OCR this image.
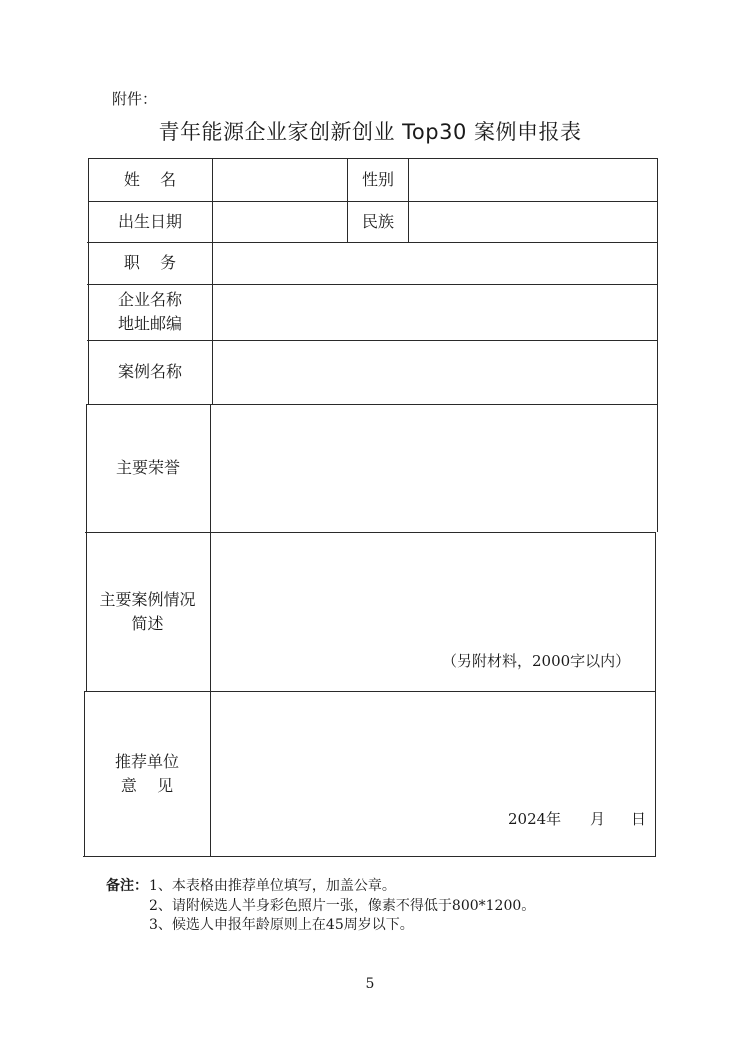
附件：
青年能源企业家创新创业 Top30 案例申报表
姓    名	性别
出生日期	民族
职    务
企业名称
地址邮编
案例名称
主要荣誉
主要案例情况
简述
（另附材料，2000字以内）
推荐单位
意    见
2024年 月 日
备注： 1、本表格由推荐单位填写，加盖公章。
2、请附候选人半身彩色照片一张，像素不得低于800*1200。
3、候选人申报年龄原则上在45周岁以下。
5
